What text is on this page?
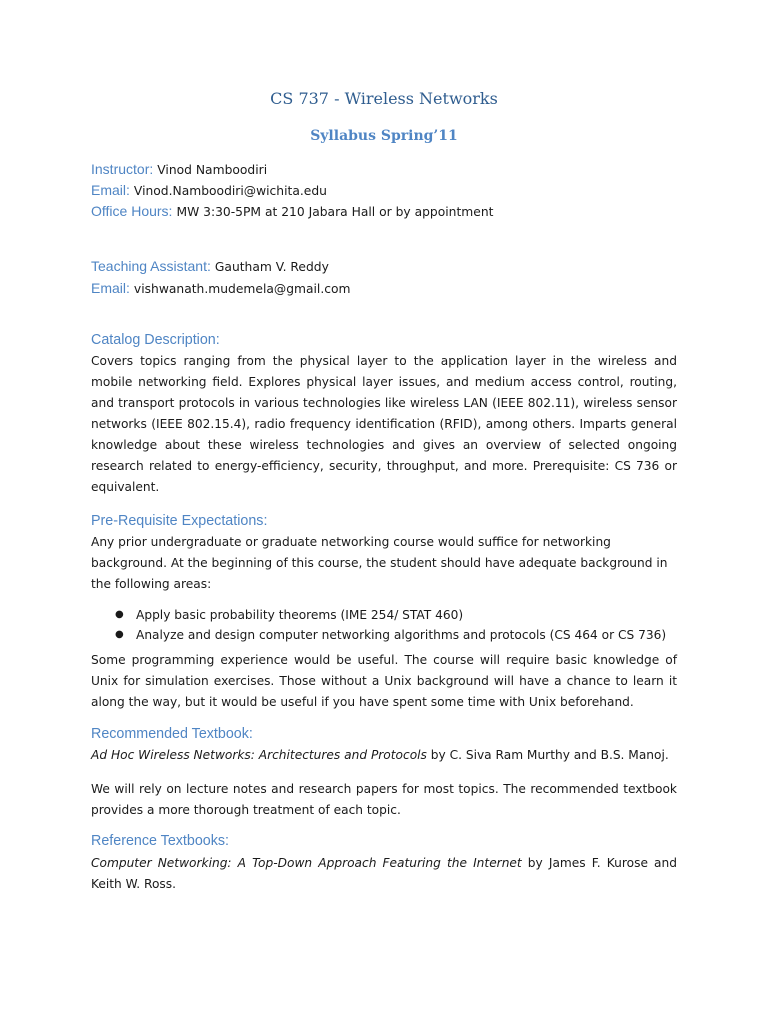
CS 737 - Wireless Networks
Syllabus Spring’11
Instructor: Vinod Namboodiri
Email: Vinod.Namboodiri@wichita.edu
Office Hours: MW 3:30-5PM at 210 Jabara Hall or by appointment
Teaching Assistant: Gautham V. Reddy
Email: vishwanath.mudemela@gmail.com
Catalog Description:
Covers topics ranging from the physical layer to the application layer in the wireless and mobile networking field. Explores physical layer issues, and medium access control, routing, and transport protocols in various technologies like wireless LAN (IEEE 802.11), wireless sensor networks (IEEE 802.15.4), radio frequency identification (RFID), among others. Imparts general knowledge about these wireless technologies and gives an overview of selected ongoing research related to energy-efficiency, security, throughput, and more. Prerequisite: CS 736 or equivalent.
Pre-Requisite Expectations:
Any prior undergraduate or graduate networking course would suffice for networking background. At the beginning of this course, the student should have adequate background in the following areas:
● Apply basic probability theorems (IME 254/ STAT 460)
● Analyze and design computer networking algorithms and protocols (CS 464 or CS 736)
Some programming experience would be useful. The course will require basic knowledge of Unix for simulation exercises. Those without a Unix background will have a chance to learn it along the way, but it would be useful if you have spent some time with Unix beforehand.
Recommended Textbook:
Ad Hoc Wireless Networks: Architectures and Protocols by C. Siva Ram Murthy and B.S. Manoj.
We will rely on lecture notes and research papers for most topics. The recommended textbook provides a more thorough treatment of each topic.
Reference Textbooks:
Computer Networking: A Top-Down Approach Featuring the Internet by James F. Kurose and Keith W. Ross.
